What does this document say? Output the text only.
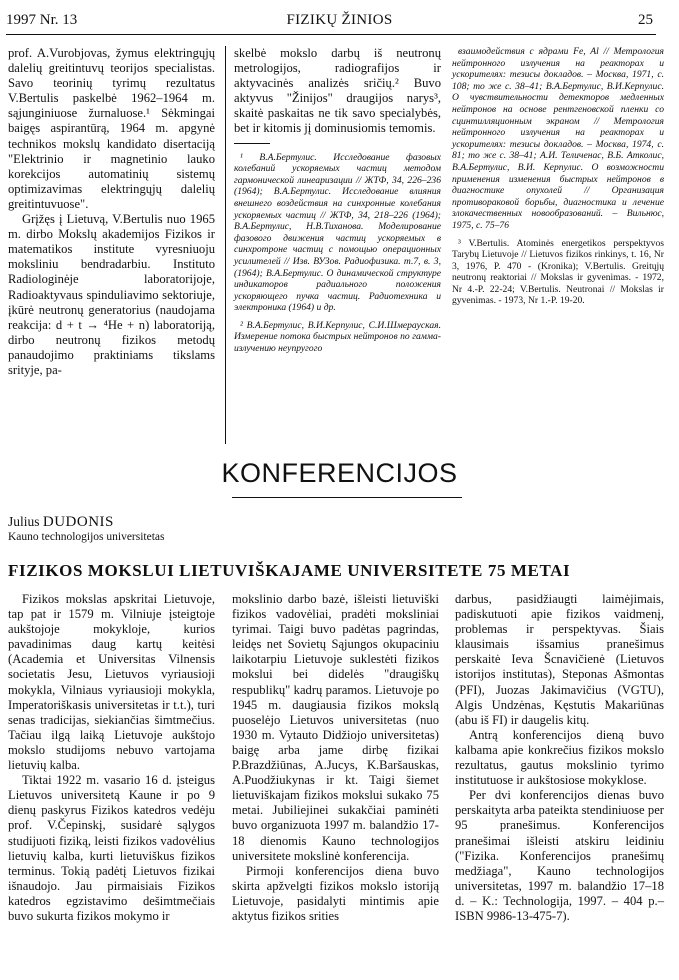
1997 Nr. 13	FIZIKŲ ŽINIOS	25

prof. A.Vurobjovas, žymus elektringųjų dalelių greitintuvų teorijos specialistas. Savo teorinių tyrimų rezultatus V.Bertulis paskelbė 1962–1964 m. sąjunginiuose žurnaluose.¹ Sėkmingai baigęs aspirantūrą, 1964 m. apgynė technikos mokslų kandidato disertaciją "Elektrinio ir magnetinio lauko korekcijos automatinių sistemų optimizavimas elektringųjų dalelių greitintuvuose".

Grįžęs į Lietuvą, V.Bertulis nuo 1965 m. dirbo Mokslų akademijos Fizikos ir matematikos institute vyresniuoju moksliniu bendradarbiu. Instituto Radiologinėje laboratorijoje, Radioaktyvaus spinduliavimo sektoriuje, įkūrė neutronų generatorius (naudojama reakcija: d + t → ⁴He + n) laboratoriją, dirbo neutronų fizikos metodų panaudojimo praktiniams tikslams srityje, pa-

skelbė mokslo darbų iš neutronų metrologijos, radiografijos ir aktyvacinės analizės sričių.² Buvo aktyvus "Žinijos" draugijos narys³, skaitė paskaitas ne tik savo specialybės, bet ir kitomis jį dominusiomis temomis.

¹ В.А.Бертулис. Исследование фазовых колебаний ускоряемых частиц методом гармонической линеаризации // ЖТФ, 34, 226–236 (1964); В.А.Бертулис. Исследование влияния внешнего воздействия на синхронные колебания ускоряемых частиц // ЖТФ, 34, 218–226 (1964); В.А.Бертулис, Н.В.Тиханова. Моделирование фазового движения частиц ускоряемых в синхротроне частиц с помощью операционных усилителей // Изв. ВУЗов. Радиофизика. т.7, в. 3, (1964); В.А.Бертулис. О динамической структуре индикаторов радиального положения ускоряющего пучка частиц. Радиотехника и электроника (1964) и др.

² В.А.Бертулис, В.И.Керпулис, С.И.Шмерауская. Измерение потока быстрых нейтронов по гамма-излучению неупругого

взаимодействия с ядрами Fe, Al // Метрология нейтронного излучения на реакторах и ускорителях: тезисы докладов. – Москва, 1971, с. 108; то же с. 38–41; В.А.Бертулис, В.И.Керпулис. О чувствительности детекторов медленных нейтронов на основе рентгеновской пленки со сцинтилляционным экраном // Метрология нейтронного излучения на реакторах и ускорителях: тезисы докладов. – Москва, 1974, с. 81; то же с. 38–41; А.И. Теличенас, В.Б. Атколис, В.А.Бертулис, В.И. Керпулис. О возможности применения изменения быстрых нейтронов в диагностике опухолей // Организация противораковой борьбы, диагностика и лечение злокачественных новообразований. – Вильнюс, 1975, с. 75–76

³ V.Bertulis. Atominės energetikos perspektyvos Tarybų Lietuvoje // Lietuvos fizikos rinkinys, t. 16, Nr 3, 1976, P. 470 - (Kronika); V.Bertulis. Greitųjų neutronų reaktoriai // Mokslas ir gyvenimas. - 1972, Nr 4.-P. 22-24; V.Bertulis. Neutronai // Mokslas ir gyvenimas. - 1973, Nr 1.-P. 19-20.

KONFERENCIJOS
Julius DUDONIS
Kauno technologijos universitetas
FIZIKOS MOKSLUI LIETUVIŠKAJAME UNIVERSITETE 75 METAI

Fizikos mokslas apskritai Lietuvoje, tap pat ir 1579 m. Vilniuje įsteigtoje aukštojoje mokykloje, kurios pavadinimas daug kartų keitėsi (Academia et Universitas Vilnensis societatis Jesu, Lietuvos vyriausioji mokykla, Vilniaus vyriausioji mokykla, Imperatoriškasis universitetas ir t.t.), turi senas tradicijas, siekiančias šimtmečius. Tačiau ilgą laiką Lietuvoje aukštojo mokslo studijoms nebuvo vartojama lietuvių kalba.

Tiktai 1922 m. vasario 16 d. įsteigus Lietuvos universitetą Kaune ir po 9 dienų paskyrus Fizikos katedros vedėju prof. V.Čepinskį, susidarė sąlygos studijuoti fiziką, leisti fizikos vadovėlius lietuvių kalba, kurti lietuviškus fizikos terminus. Tokią padėtį Lietuvos fizikai išnaudojo. Jau pirmaisiais Fizikos katedros egzistavimo dešimtmečiais buvo sukurta fizikos mokymo ir

mokslinio darbo bazė, išleisti lietuviški fizikos vadovėliai, pradėti moksliniai tyrimai. Taigi buvo padėtas pagrindas, leidęs net Sovietų Sąjungos okupaciniu laikotarpiu Lietuvoje suklestėti fizikos mokslui bei didelės "draugiškų respublikų" kadrų paramos. Lietuvoje po 1945 m. daugiausia fizikos mokslą puoselėjo Lietuvos universitetas (nuo 1930 m. Vytauto Didžiojo universitetas) baigę arba jame dirbę fizikai P.Brazdžiūnas, A.Jucys, K.Baršauskas, A.Puodžiukynas ir kt. Taigi šiemet lietuviškajam fizikos mokslui sukako 75 metai. Jubiliejinei sukakčiai paminėti buvo organizuota 1997 m. balandžio 17-18 dienomis Kauno technologijos universitete mokslinė konferencija.

Pirmoji konferencijos diena buvo skirta apžvelgti fizikos mokslo istoriją Lietuvoje, pasidalyti mintimis apie aktytus fizikos srities

darbus, pasidžiaugti laimėjimais, padiskutuoti apie fizikos vaidmenį, problemas ir perspektyvas. Šiais klausimais išsamius pranešimus perskaitė Ieva Šcnavičienė (Lietuvos istorijos institutas), Steponas Ašmontas (PFI), Juozas Jakimavičius (VGTU), Algis Undzėnas, Kęstutis Makariūnas (abu iš FI) ir daugelis kitų.

Antrą konferencijos dieną buvo kalbama apie konkrečius fizikos mokslo rezultatus, gautus mokslinio tyrimo institutuose ir aukštosiose mokyklose.

Per dvi konferencijos dienas buvo perskaityta arba pateikta stendiniuose per 95 pranešimus. Konferencijos pranešimai išleisti atskiru leidiniu ("Fizika. Konferencijos pranešimų medžiaga", Kauno technologijos universitetas, 1997 m. balandžio 17–18 d. – K.: Technologija, 1997. – 404 p.–ISBN 9986-13-475-7).
